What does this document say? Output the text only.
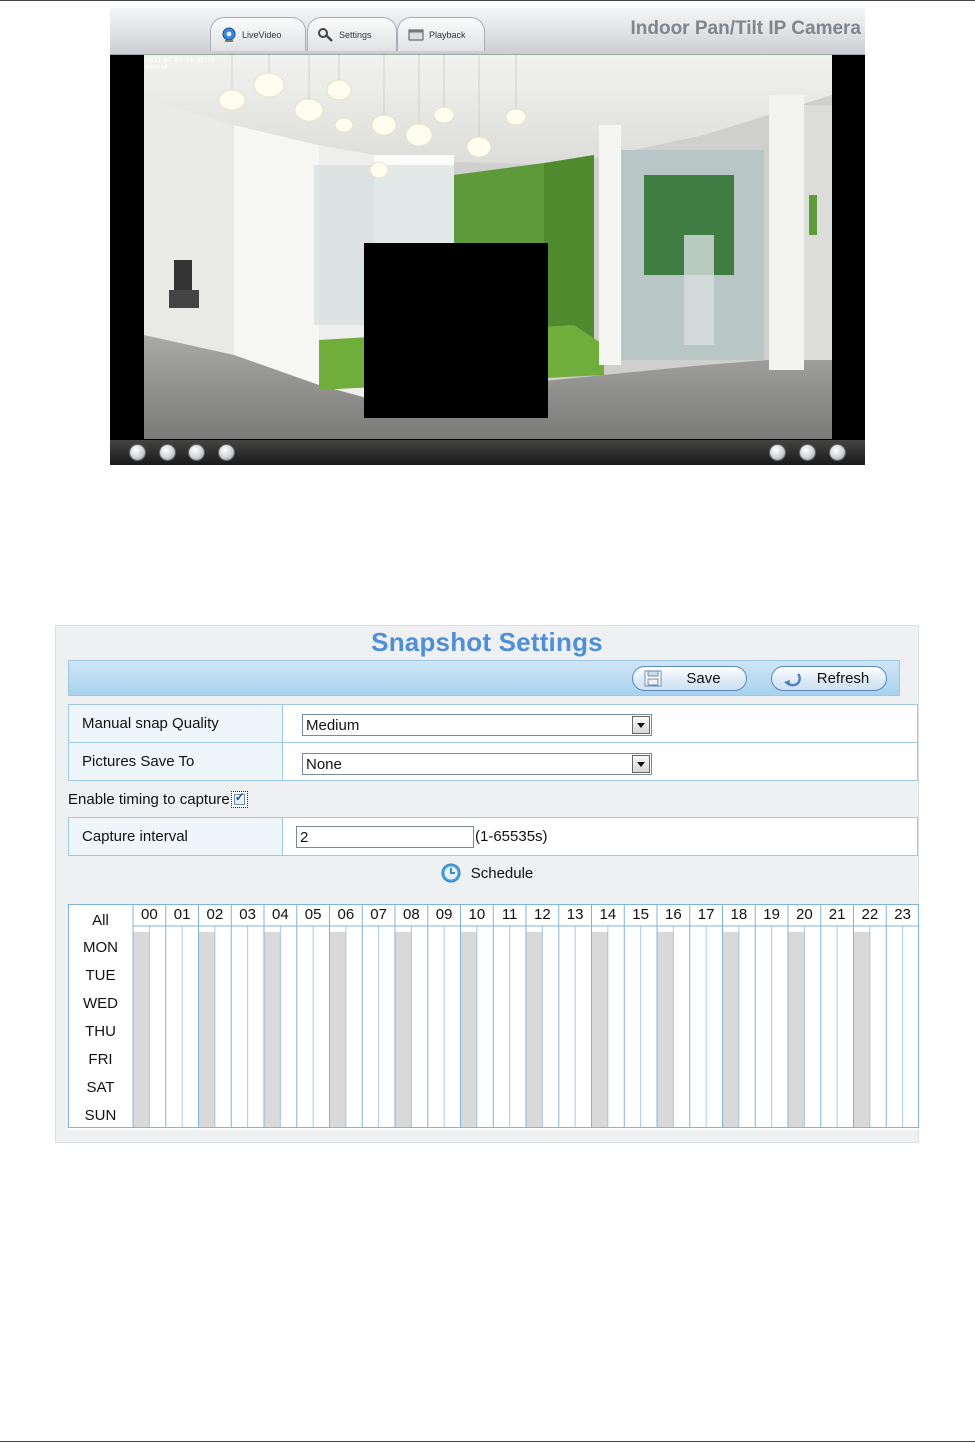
LiveVideo	Settings	Playback	Indoor Pan/Tilt IP Camera
2013-07-01 14:32:05
000010
Snapshot Settings
Save	Refresh
Manual snap Quality	Medium
Pictures Save To	None
Enable timing to capture
✓
Capture interval	2	(1-65535s)
Schedule
All 00 01 02 03 04 05 06 07 08 09 10 11 12 13 14 15 16 17 18 19 20 21 22 23
MON
TUE
WED
THU
FRI
SAT
SUN
